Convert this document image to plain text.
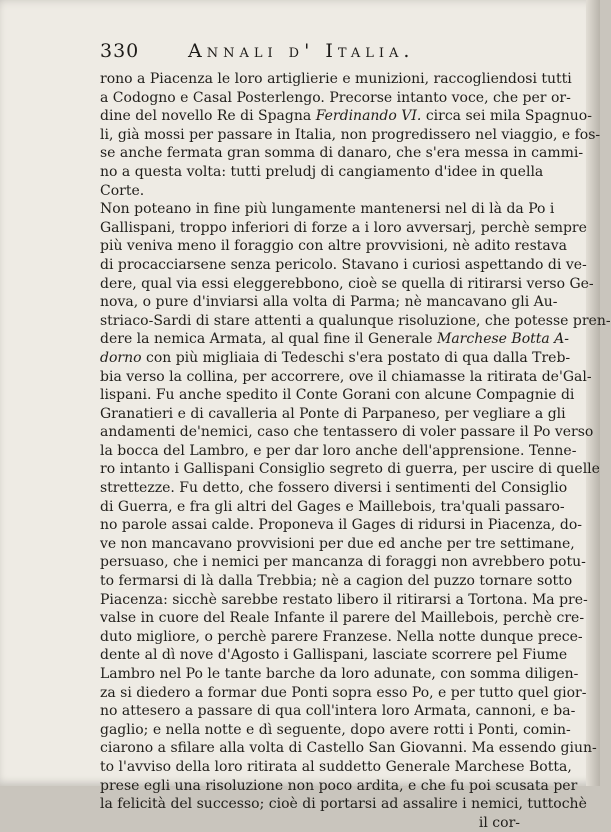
330	Annali d' Italia.
rono a Piacenza le loro artiglierie e munizioni, raccogliendosi tutti
a Codogno e Casal Posterlengo. Precorse intanto voce, che per or-
dine del novello Re di Spagna Ferdinando VI. circa sei mila Spagnuo-
li, già mossi per passare in Italia, non progredissero nel viaggio, e fos-
se anche fermata gran somma di danaro, che s'era messa in cammi-
no a questa volta: tutti preludj di cangiamento d'idee in quella
Corte.
Non poteano in fine più lungamente mantenersi nel di là da Po i
Gallispani, troppo inferiori di forze a i loro avversarj, perchè sempre
più veniva meno il foraggio con altre provvisioni, nè adito restava
di procacciarsene senza pericolo. Stavano i curiosi aspettando di ve-
dere, qual via essi eleggerebbono, cioè se quella di ritirarsi verso Ge-
nova, o pure d'inviarsi alla volta di Parma; nè mancavano gli Au-
striaco-Sardi di stare attenti a qualunque risoluzione, che potesse pren-
dere la nemica Armata, al qual fine il Generale Marchese Botta A-
dorno con più migliaia di Tedeschi s'era postato di qua dalla Treb-
bia verso la collina, per accorrere, ove il chiamasse la ritirata de'Gal-
lispani. Fu anche spedito il Conte Gorani con alcune Compagnie di
Granatieri e di cavalleria al Ponte di Parpaneso, per vegliare a gli
andamenti de'nemici, caso che tentassero di voler passare il Po verso
la bocca del Lambro, e per dar loro anche dell'apprensione. Tenne-
ro intanto i Gallispani Consiglio segreto di guerra, per uscire di quelle
strettezze. Fu detto, che fossero diversi i sentimenti del Consiglio
di Guerra, e fra gli altri del Gages e Maillebois, tra'quali passaro-
no parole assai calde. Proponeva il Gages di ridursi in Piacenza, do-
ve non mancavano provvisioni per due ed anche per tre settimane,
persuaso, che i nemici per mancanza di foraggi non avrebbero potu-
to fermarsi di là dalla Trebbia; nè a cagion del puzzo tornare sotto
Piacenza: sicchè sarebbe restato libero il ritirarsi a Tortona. Ma pre-
valse in cuore del Reale Infante il parere del Maillebois, perchè cre-
duto migliore, o perchè parere Franzese. Nella notte dunque prece-
dente al dì nove d'Agosto i Gallispani, lasciate scorrere pel Fiume
Lambro nel Po le tante barche da loro adunate, con somma diligen-
za si diedero a formar due Ponti sopra esso Po, e per tutto quel gior-
no attesero a passare di qua coll'intera loro Armata, cannoni, e ba-
gaglio; e nella notte e dì seguente, dopo avere rotti i Ponti, comin-
ciarono a sfilare alla volta di Castello San Giovanni. Ma essendo giun-
to l'avviso della loro ritirata al suddetto Generale Marchese Botta,
prese egli una risoluzione non poco ardita, e che fu poi scusata per
la felicità del successo; cioè di portarsi ad assalire i nemici, tuttochè
il cor-
